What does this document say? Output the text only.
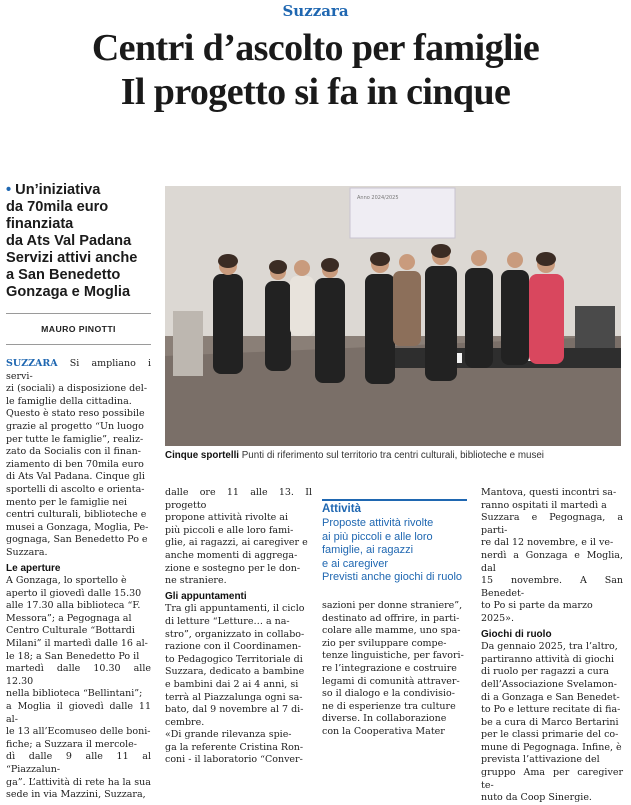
Suzzara
Centri d’ascolto per famiglie
Il progetto si fa in cinque
• Un’iniziativa
da 70mila euro
finanziata
da Ats Val Padana
Servizi attivi anche
a San Benedetto
Gonzaga e Moglia
MAURO PINOTTI
Anno 2024/2025
Cinque sportelli Punti di riferimento sul territorio tra centri culturali, biblioteche e musei

SUZZARA Si ampliano i servi-

zi (sociali) a disposizione del-

le famiglie della cittadina.

Questo è stato reso possibile

grazie al progetto “Un luogo

per tutte le famiglie”, realiz-

zato da Socialis con il finan-

ziamento di ben 70mila euro

di Ats Val Padana. Cinque gli

sportelli di ascolto e orienta-

mento per le famiglie nei

centri culturali, biblioteche e

musei a Gonzaga, Moglia, Pe-

gognaga, San Benedetto Po e

Suzzara.

Le aperture

A Gonzaga, lo sportello è

aperto il giovedì dalle 15.30

alle 17.30 alla biblioteca “F.

Messora”; a Pegognaga al

Centro Culturale “Bottardi

Milani” il martedì dalle 16 al-

le 18; a San Benedetto Po il

martedì dalle 10.30 alle 12.30

nella biblioteca “Bellintani”;

a Moglia il giovedì dalle 11 al-

le 13 all’Ecomuseo delle boni-

fiche; a Suzzara il mercole-

dì dalle 9 alle 11 al “Piazzalun-

ga”. L’attività di rete ha la sua

sede in via Mazzini, Suzzara,

dalle ore 11 alle 13. Il progetto

propone attività rivolte ai

più piccoli e alle loro fami-

glie, ai ragazzi, ai caregiver e

anche momenti di aggrega-

zione e sostegno per le don-

ne straniere.

Gli appuntamenti

Tra gli appuntamenti, il ciclo

di letture “Letture… a na-

stro”, organizzato in collabo-

razione con il Coordinamen-

to Pedagogico Territoriale di

Suzzara, dedicato a bambine

e bambini dai 2 ai 4 anni, si

terrà al Piazzalunga ogni sa-

bato, dal 9 novembre al 7 di-

cembre.

«Di grande rilevanza spie-

ga la referente Cristina Ron-

coni - il laboratorio “Conver-

Attività
Proposte attività rivolte
ai più piccoli e alle loro
famiglie, ai ragazzi
e ai caregiver
Previsti anche giochi di ruolo

sazioni per donne straniere”,

destinato ad offrire, in parti-

colare alle mamme, uno spa-

zio per sviluppare compe-

tenze linguistiche, per favori-

re l’integrazione e costruire

legami di comunità attraver-

so il dialogo e la condivisio-

ne di esperienze tra culture

diverse. In collaborazione

con la Cooperativa Mater

Mantova, questi incontri sa-

ranno ospitati il martedì a

Suzzara e Pegognaga, a parti-

re dal 12 novembre, e il ve-

nerdì a Gonzaga e Moglia, dal

15 novembre. A San Benedet-

to Po si parte da marzo

2025».

Giochi di ruolo

Da gennaio 2025, tra l’altro,

partiranno attività di giochi

di ruolo per ragazzi a cura

dell’Associazione Svelamon-

di a Gonzaga e San Benedet-

to Po e letture recitate di fia-

be a cura di Marco Bertarini

per le classi primarie del co-

mune di Pegognaga. Infine, è

prevista l’attivazione del

gruppo Ama per caregiver te-

nuto da Coop Sinergie.
